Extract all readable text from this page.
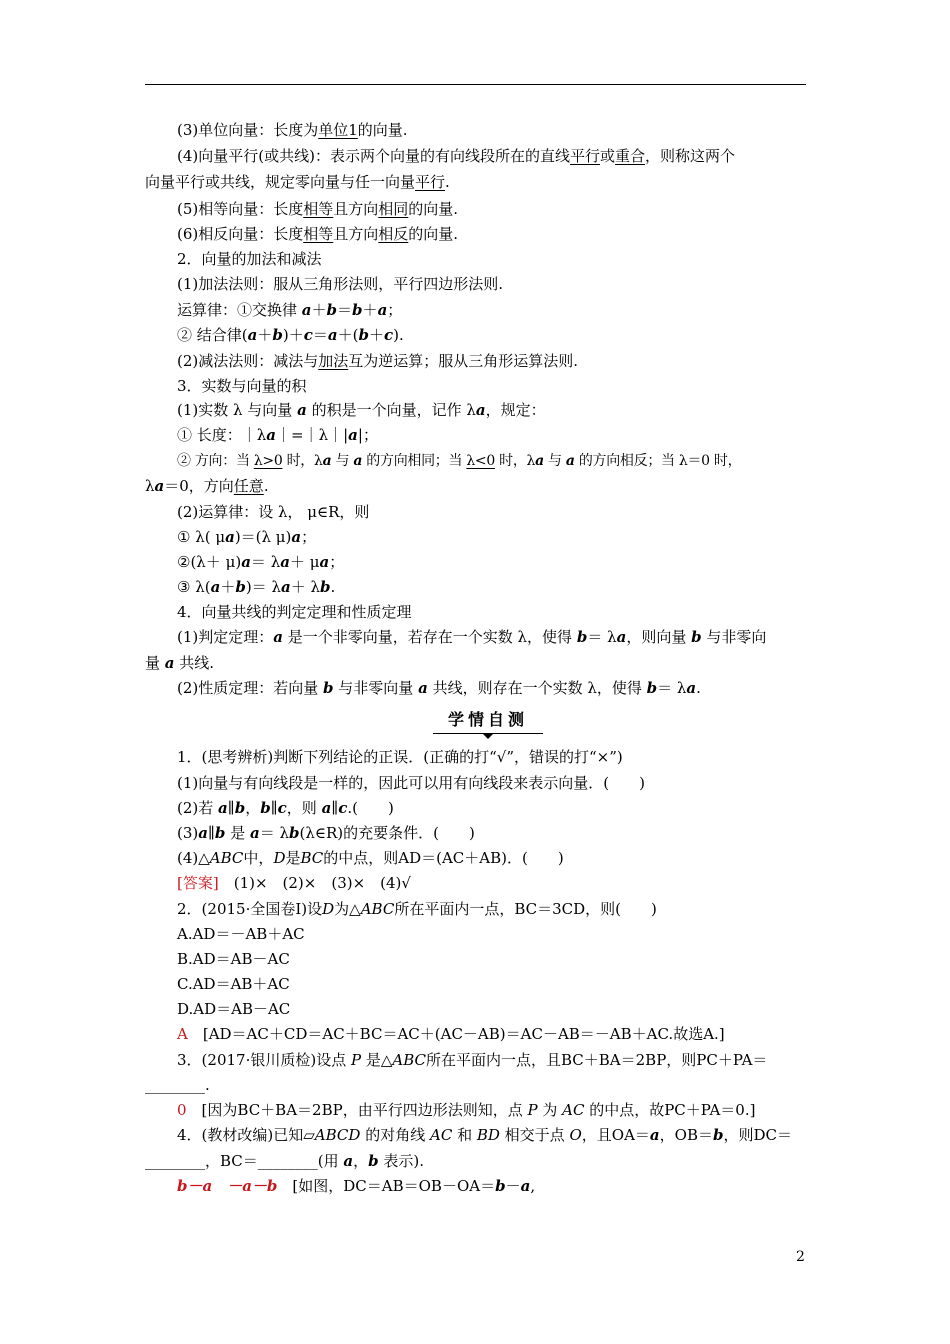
(3)单位向量：长度为单位1的向量.
(4)向量平行(或共线)：表示两个向量的有向线段所在的直线平行或重合，则称这两个
向量平行或共线，规定零向量与任一向量平行.
(5)相等向量：长度相等且方向相同的向量.
(6)相反向量：长度相等且方向相反的向量.
2．向量的加法和减法
(1)加法法则：服从三角形法则，平行四边形法则.
运算律：①交换律 a＋b＝b＋a；
② 结合律(a＋b)＋c＝a＋(b＋c).
(2)减法法则：减法与加法互为逆运算；服从三角形运算法则.
3．实数与向量的积
(1)实数 λ 与向量 a 的积是一个向量，记作 λa，规定：
① 长度：｜λa｜=｜λ｜|a|；
② 方向：当 λ>0 时，λa 与 a 的方向相同；当 λ<0 时，λa 与 a 的方向相反；当 λ＝0 时，
λa＝0，方向任意.
(2)运算律：设 λ， μ∈R，则
① λ( μa)＝(λ μ)a；
②(λ＋ μ)a＝ λa＋ μa；
③ λ(a＋b)＝ λa＋ λb.
4．向量共线的判定定理和性质定理
(1)判定定理：a 是一个非零向量，若存在一个实数 λ，使得 b＝ λa，则向量 b 与非零向
量 a 共线.
(2)性质定理：若向量 b 与非零向量 a 共线，则存在一个实数 λ，使得 b＝ λa.
学情自测
1．(思考辨析)判断下列结论的正误．(正确的打“√”，错误的打“×”)
(1)向量与有向线段是一样的，因此可以用有向线段来表示向量．(　　)
(2)若 a∥b，b∥c，则 a∥c.(　　)
(3)a∥b 是 a＝ λb(λ∈R)的充要条件．(　　)
(4)△ABC中，D是BC的中点，则AD＝(AC＋AB)．(　　)
[答案]　(1)×　(2)×　(3)×　(4)√
2．(2015·全国卷Ⅰ)设D为△ABC所在平面内一点，BC＝3CD，则(　　)
A.AD＝－AB＋AC
B.AD＝AB－AC
C.AD＝AB＋AC
D.AD＝AB－AC
A　[AD＝AC＋CD＝AC＋BC＝AC＋(AC－AB)＝AC－AB＝－AB＋AC.故选A.]
3．(2017·银川质检)设点 P 是△ABC所在平面内一点，且BC＋BA＝2BP，则PC＋PA＝
________.
0　[因为BC＋BA＝2BP，由平行四边形法则知，点 P 为 AC 的中点，故PC＋PA＝0.]
4．(教材改编)已知▱ABCD 的对角线 AC 和 BD 相交于点 O，且OA＝a，OB＝b，则DC＝
________，BC＝________(用 a，b 表示).
b－a　－a－b　[如图，DC＝AB＝OB－OA＝b－a,
2
